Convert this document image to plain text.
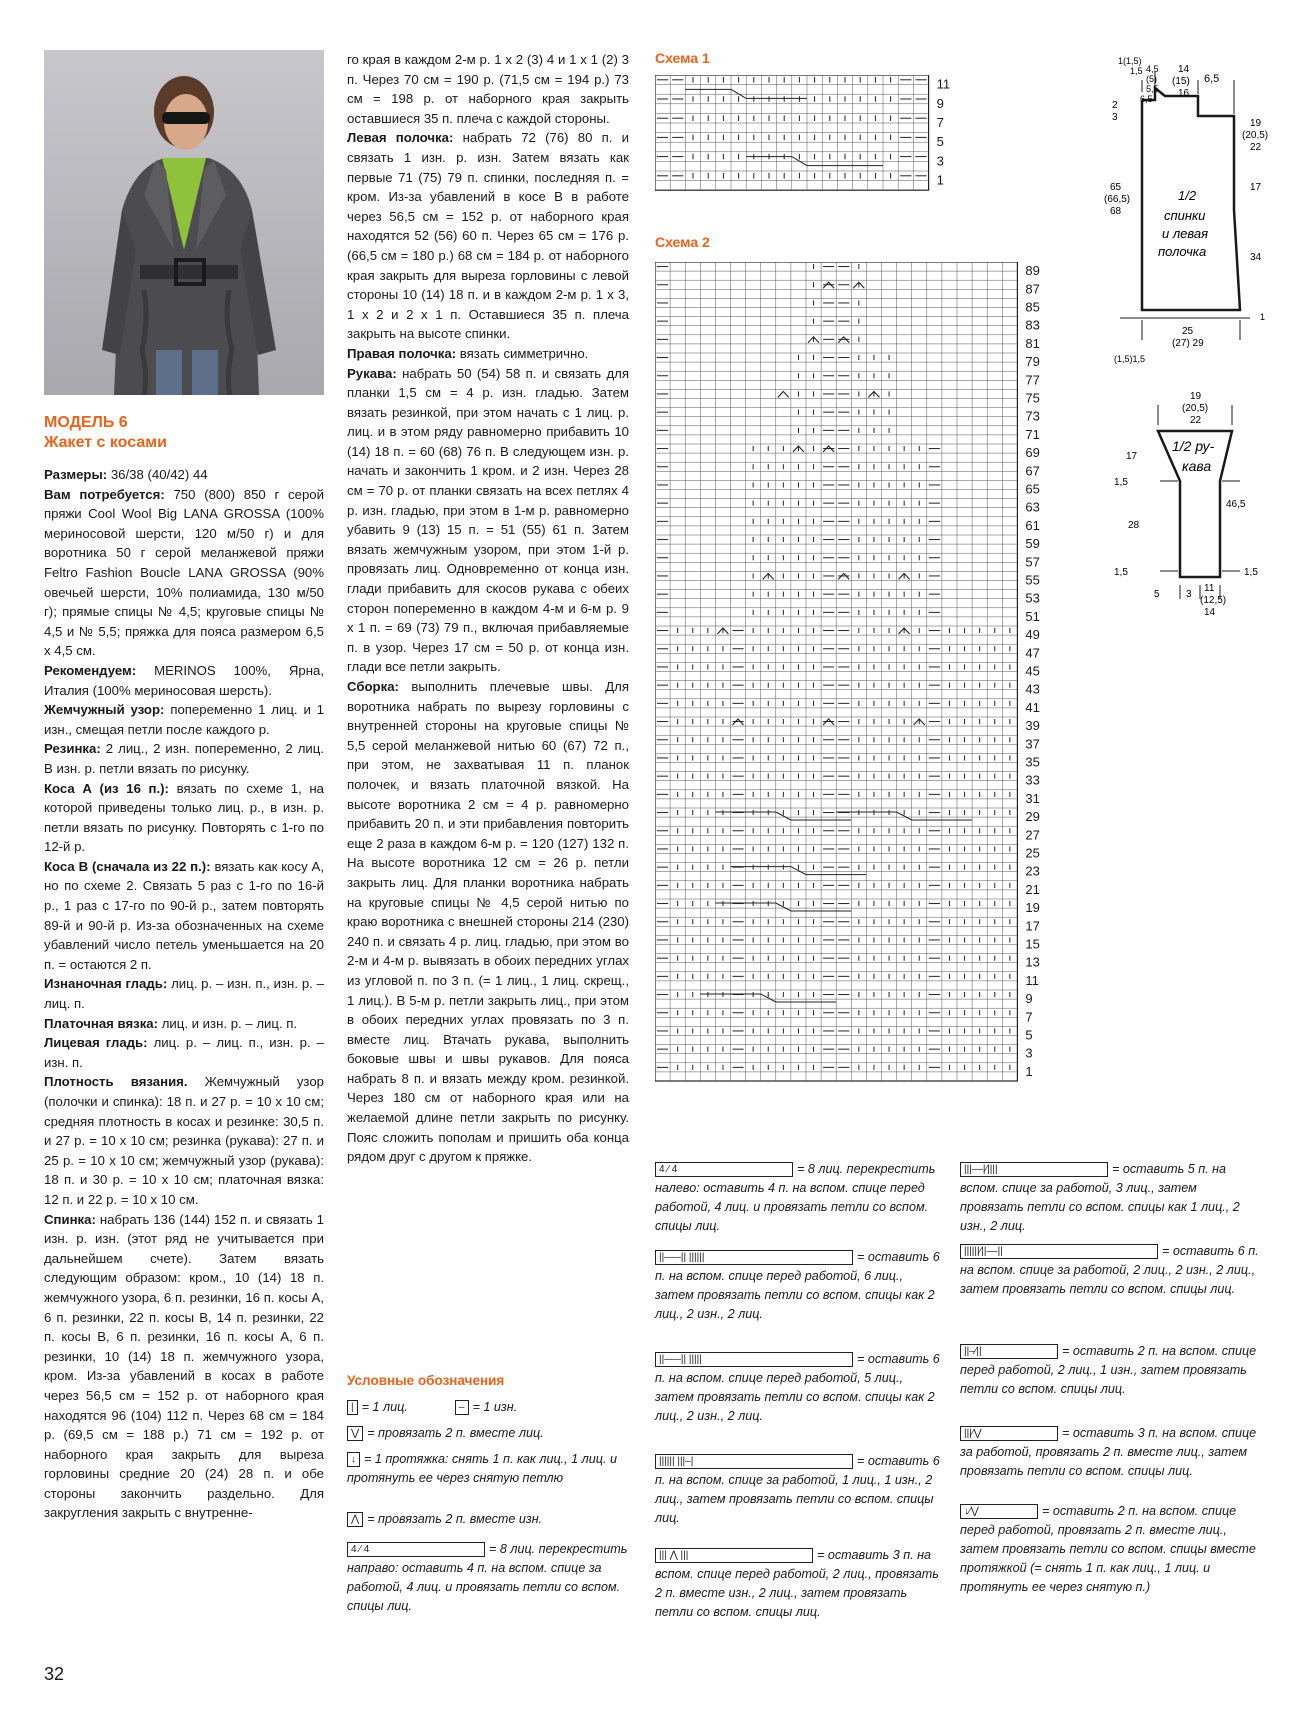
МОДЕЛЬ 6
Жакет с косами

Размеры: 36/38 (40/42) 44

Вам потребуется: 750 (800) 850 г серой пряжи Cool Wool Big LANA GROSSA (100% мериносовой шерсти, 120 м/50 г) и для воротника 50 г серой меланжевой пряжи Feltro Fashion Boucle LANA GROSSA (90% овечьей шерсти, 10% полиамида, 130 м/50 г); прямые спицы № 4,5; круговые спицы № 4,5 и № 5,5; пряжка для пояса размером 6,5 х 4,5 см.

Рекомендуем: MERINOS 100%, Ярна, Италия (100% мериносовая шерсть).

Жемчужный узор: попеременно 1 лиц. и 1 изн., смещая петли после каждого р.

Резинка: 2 лиц., 2 изн. попеременно, 2 лиц. В изн. р. петли вязать по рисунку.

Коса А (из 16 п.): вязать по схеме 1, на которой приведены только лиц. р., в изн. р. петли вязать по рисунку. Повторять с 1-го по 12-й р.

Коса В (сначала из 22 п.): вязать как косу А, но по схеме 2. Связать 5 раз с 1-го по 16-й р., 1 раз с 17-го по 90-й р., затем повторять 89-й и 90-й р. Из-за обозначенных на схеме убавлений число петель уменьшается на 20 п. = остаются 2 п.

Изнаночная гладь: лиц. р. – изн. п., изн. р. – лиц. п.

Платочная вязка: лиц. и изн. р. – лиц. п.

Лицевая гладь: лиц. р. – лиц. п., изн. р. – изн. п.

Плотность вязания. Жемчужный узор (полочки и спинка): 18 п. и 27 р. = 10 х 10 см; средняя плотность в косах и резинке: 30,5 п. и 27 р. = 10 х 10 см; резинка (рукава): 27 п. и 25 р. = 10 х 10 см; жемчужный узор (рукава): 18 п. и 30 р. = 10 х 10 см; платочная вязка: 12 п. и 22 р. = 10 х 10 см.

Спинка: набрать 136 (144) 152 п. и связать 1 изн. р. изн. (этот ряд не учитывается при дальнейшем счете). Затем вязать следующим образом: кром., 10 (14) 18 п. жемчужного узора, 6 п. резинки, 16 п. косы А, 6 п. резинки, 22 п. косы В, 14 п. резинки, 22 п. косы В, 6 п. резинки, 16 п. косы А, 6 п. резинки, 10 (14) 18 п. жемчужного узора, кром. Из-за убавлений в косах в работе через 56,5 см = 152 р. от наборного края находятся 96 (104) 112 п. Через 68 см = 184 р. (69,5 см = 188 р.) 71 см = 192 р. от наборного края закрыть для выреза горловины средние 20 (24) 28 п. и обе стороны закончить раздельно. Для закругления закрыть с внутренне-

го края в каждом 2-м р. 1 х 2 (3) 4 и 1 х 1 (2) 3 п. Через 70 см = 190 р. (71,5 см = 194 р.) 73 см = 198 р. от наборного края закрыть оставшиеся 35 п. плеча с каждой стороны.

Левая полочка: набрать 72 (76) 80 п. и связать 1 изн. р. изн. Затем вязать как первые 71 (75) 79 п. спинки, последняя п. = кром. Из-за убавлений в косе В в работе через 56,5 см = 152 р. от наборного края находятся 52 (56) 60 п. Через 65 см = 176 р. (66,5 см = 180 р.) 68 см = 184 р. от наборного края закрыть для выреза горловины с левой стороны 10 (14) 18 п. и в каждом 2-м р. 1 х 3, 1 х 2 и 2 х 1 п. Оставшиеся 35 п. плеча закрыть на высоте спинки.

Правая полочка: вязать симметрично.

Рукава: набрать 50 (54) 58 п. и связать для планки 1,5 см = 4 р. изн. гладью. Затем вязать резинкой, при этом начать с 1 лиц. р. лиц. и в этом ряду равномерно прибавить 10 (14) 18 п. = 60 (68) 76 п. В следующем изн. р. начать и закончить 1 кром. и 2 изн. Через 28 см = 70 р. от планки связать на всех петлях 4 р. изн. гладью, при этом в 1-м р. равномерно убавить 9 (13) 15 п. = 51 (55) 61 п. Затем вязать жемчужным узором, при этом 1-й р. провязать лиц. Одновременно от конца изн. глади прибавить для скосов рукава с обеих сторон попеременно в каждом 4-м и 6-м р. 9 х 1 п. = 69 (73) 79 п., включая прибавляемые п. в узор. Через 17 см = 50 р. от конца изн. глади все петли закрыть.

Сборка: выполнить плечевые швы. Для воротника набрать по вырезу горловины с внутренней стороны на круговые спицы № 5,5 серой меланжевой нитью 60 (67) 72 п., при этом, не захватывая 11 п. планок полочек, и вязать платочной вязкой. На высоте воротника 2 см = 4 р. равномерно прибавить 20 п. и эти прибавления повторить еще 2 раза в каждом 6-м р. = 120 (127) 132 п. На высоте воротника 12 см = 26 р. петли закрыть лиц. Для планки воротника набрать на круговые спицы № 4,5 серой нитью по краю воротника с внешней стороны 214 (230) 240 п. и связать 4 р. лиц. гладью, при этом во 2-м и 4-м р. вывязать в обоих передних углах из угловой п. по 3 п. (= 1 лиц., 1 лиц. скрещ., 1 лиц.). В 5-м р. петли закрыть лиц., при этом в обоих передних углах провязать по 3 п. вместе лиц. Втачать рукава, выполнить боковые швы и швы рукавов. Для пояса набрать 8 п. и вязать между кром. резинкой. Через 180 см от наборного края или на желаемой длине петли закрыть по рисунку. Пояс сложить пополам и пришить оба конца рядом друг с другом к пряжке.

Схема 1
11
9
7
5
3
1
Схема 2
89
87
85
83
81
79
77
75
73
71
69
67
65
63
61
59
57
55
53
51
49
47
45
43
41
39
37
35
33
31
29
27
25
23
21
19
17
15
13
11
9
7
5
3
1
1(1,5)
1,5 4,5
(5)
5,5
6,5
14
(15)
16
6,5
2
3
65
(66,5)
68
19
(20,5)
22
17
34
1/2
спинки
и левая
полочка
25
(27) 29
(1,5)1,5
1
19
(20,5)
22
1/2 ру-
кава
17
1,5
28
1,5
46,5
1,5
5	3
11
(12,5)
14
Условные обозначения
| = 1 лиц.	– = 1 изн.
⋁ = провязать 2 п. вместе лиц.
↓ = 1 протяжка: снять 1 п. как лиц., 1 лиц. и протянуть ее через снятую петлю
⋀ = провязать 2 п. вместе изн.
4 ⁄ 4	= 8 лиц. перекрестить направо: оставить 4 п. на вспом. спице за работой, 4 лиц. и провязать петли со вспом. спицы лиц.
4 ⁄ 4	= 8 лиц. перекрестить налево: оставить 4 п. на вспом. спице перед работой, 4 лиц. и провязать петли со вспом. спицы лиц.
||–––|| ||||||	= оставить 6 п. на вспом. спице перед работой, 6 лиц., затем провязать петли со вспом. спицы как 2 лиц., 2 изн., 2 лиц.
||–––|| |||||	= оставить 6 п. на вспом. спице перед работой, 5 лиц., затем провязать петли со вспом. спицы как 2 лиц., 2 изн., 2 лиц.
|||||| |||–|	= оставить 6 п. на вспом. спице за работой, 1 лиц., 1 изн., 2 лиц., затем провязать петли со вспом. спицы лиц.
||| ⋀ |||	= оставить 3 п. на вспом. спице перед работой, 2 лиц., провязать 2 п. вместе изн., 2 лиц., затем провязать петли со вспом. спицы лиц.
|||––|⁄||||	= оставить 5 п. на вспом. спице за работой, 3 лиц., затем провязать петли со вспом. спицы как 1 лиц., 2 изн., 2 лиц.
||||||⁄||––||	= оставить 6 п. на вспом. спице за работой, 2 лиц., 2 изн., 2 лиц., затем провязать петли со вспом. спицы лиц.
||–⁄||	= оставить 2 п. на вспом. спице перед работой, 2 лиц., 1 изн., затем провязать петли со вспом. спицы лиц.
|||⁄⋁	= оставить 3 п. на вспом. спице за работой, провязать 2 п. вместе лиц., затем провязать петли со вспом. спицы лиц.
↓⁄⋁	= оставить 2 п. на вспом. спице перед работой, провязать 2 п. вместе лиц., затем провязать петли со вспом. спицы вместе протяжкой (= снять 1 п. как лиц., 1 лиц. и протянуть ее через снятую п.)
32
